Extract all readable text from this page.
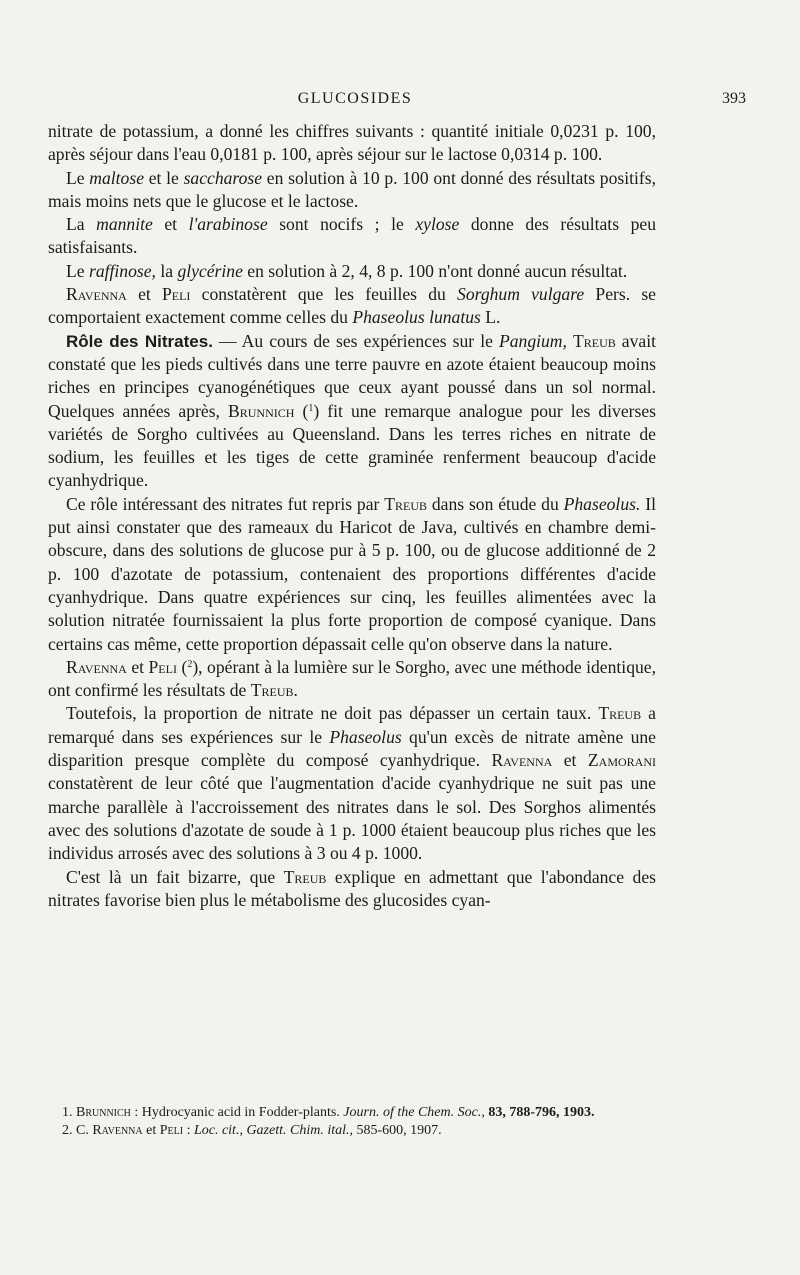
GLUCOSIDES	393

nitrate de potassium, a donné les chiffres suivants : quantité initiale 0,0231 p. 100, après séjour dans l'eau 0,0181 p. 100, après séjour sur le lactose 0,0314 p. 100.

Le maltose et le saccharose en solution à 10 p. 100 ont donné des résultats positifs, mais moins nets que le glucose et le lactose.

La mannite et l'arabinose sont nocifs ; le xylose donne des résultats peu satisfaisants.

Le raffinose, la glycérine en solution à 2, 4, 8 p. 100 n'ont donné aucun résultat.

Ravenna et Peli constatèrent que les feuilles du Sorghum vulgare Pers. se comportaient exactement comme celles du Phaseolus lunatus L.

Rôle des Nitrates. — Au cours de ses expériences sur le Pangium, Treub avait constaté que les pieds cultivés dans une terre pauvre en azote étaient beaucoup moins riches en principes cyanogénétiques que ceux ayant poussé dans un sol normal. Quelques années après, Brunnich ($^1$) fit une remarque analogue pour les diverses variétés de Sorgho cultivées au Queensland. Dans les terres riches en nitrate de sodium, les feuilles et les tiges de cette graminée renferment beaucoup d'acide cyanhydrique.

Ce rôle intéressant des nitrates fut repris par Treub dans son étude du Phaseolus. Il put ainsi constater que des rameaux du Haricot de Java, cultivés en chambre demi-obscure, dans des solutions de glucose pur à 5 p. 100, ou de glucose additionné de 2 p. 100 d'azotate de potassium, contenaient des proportions différentes d'acide cyanhydrique. Dans quatre expériences sur cinq, les feuilles alimentées avec la solution nitratée fournissaient la plus forte proportion de composé cyanique. Dans certains cas même, cette proportion dépassait celle qu'on observe dans la nature.

Ravenna et Peli ($^2$), opérant à la lumière sur le Sorgho, avec une méthode identique, ont confirmé les résultats de Treub.

Toutefois, la proportion de nitrate ne doit pas dépasser un certain taux. Treub a remarqué dans ses expériences sur le Phaseolus qu'un excès de nitrate amène une disparition presque complète du composé cyanhydrique. Ravenna et Zamorani constatèrent de leur côté que l'augmentation d'acide cyanhydrique ne suit pas une marche parallèle à l'accroissement des nitrates dans le sol. Des Sorghos alimentés avec des solutions d'azotate de soude à 1 p. 1000 étaient beaucoup plus riches que les individus arrosés avec des solutions à 3 ou 4 p. 1000.

C'est là un fait bizarre, que Treub explique en admettant que l'abondance des nitrates favorise bien plus le métabolisme des glucosides cyan-

1. Brunnich : Hydrocyanic acid in Fodder-plants. Journ. of the Chem. Soc., 83, 788-796, 1903.

2. C. Ravenna et Peli : Loc. cit., Gazett. Chim. ital., 585-600, 1907.
